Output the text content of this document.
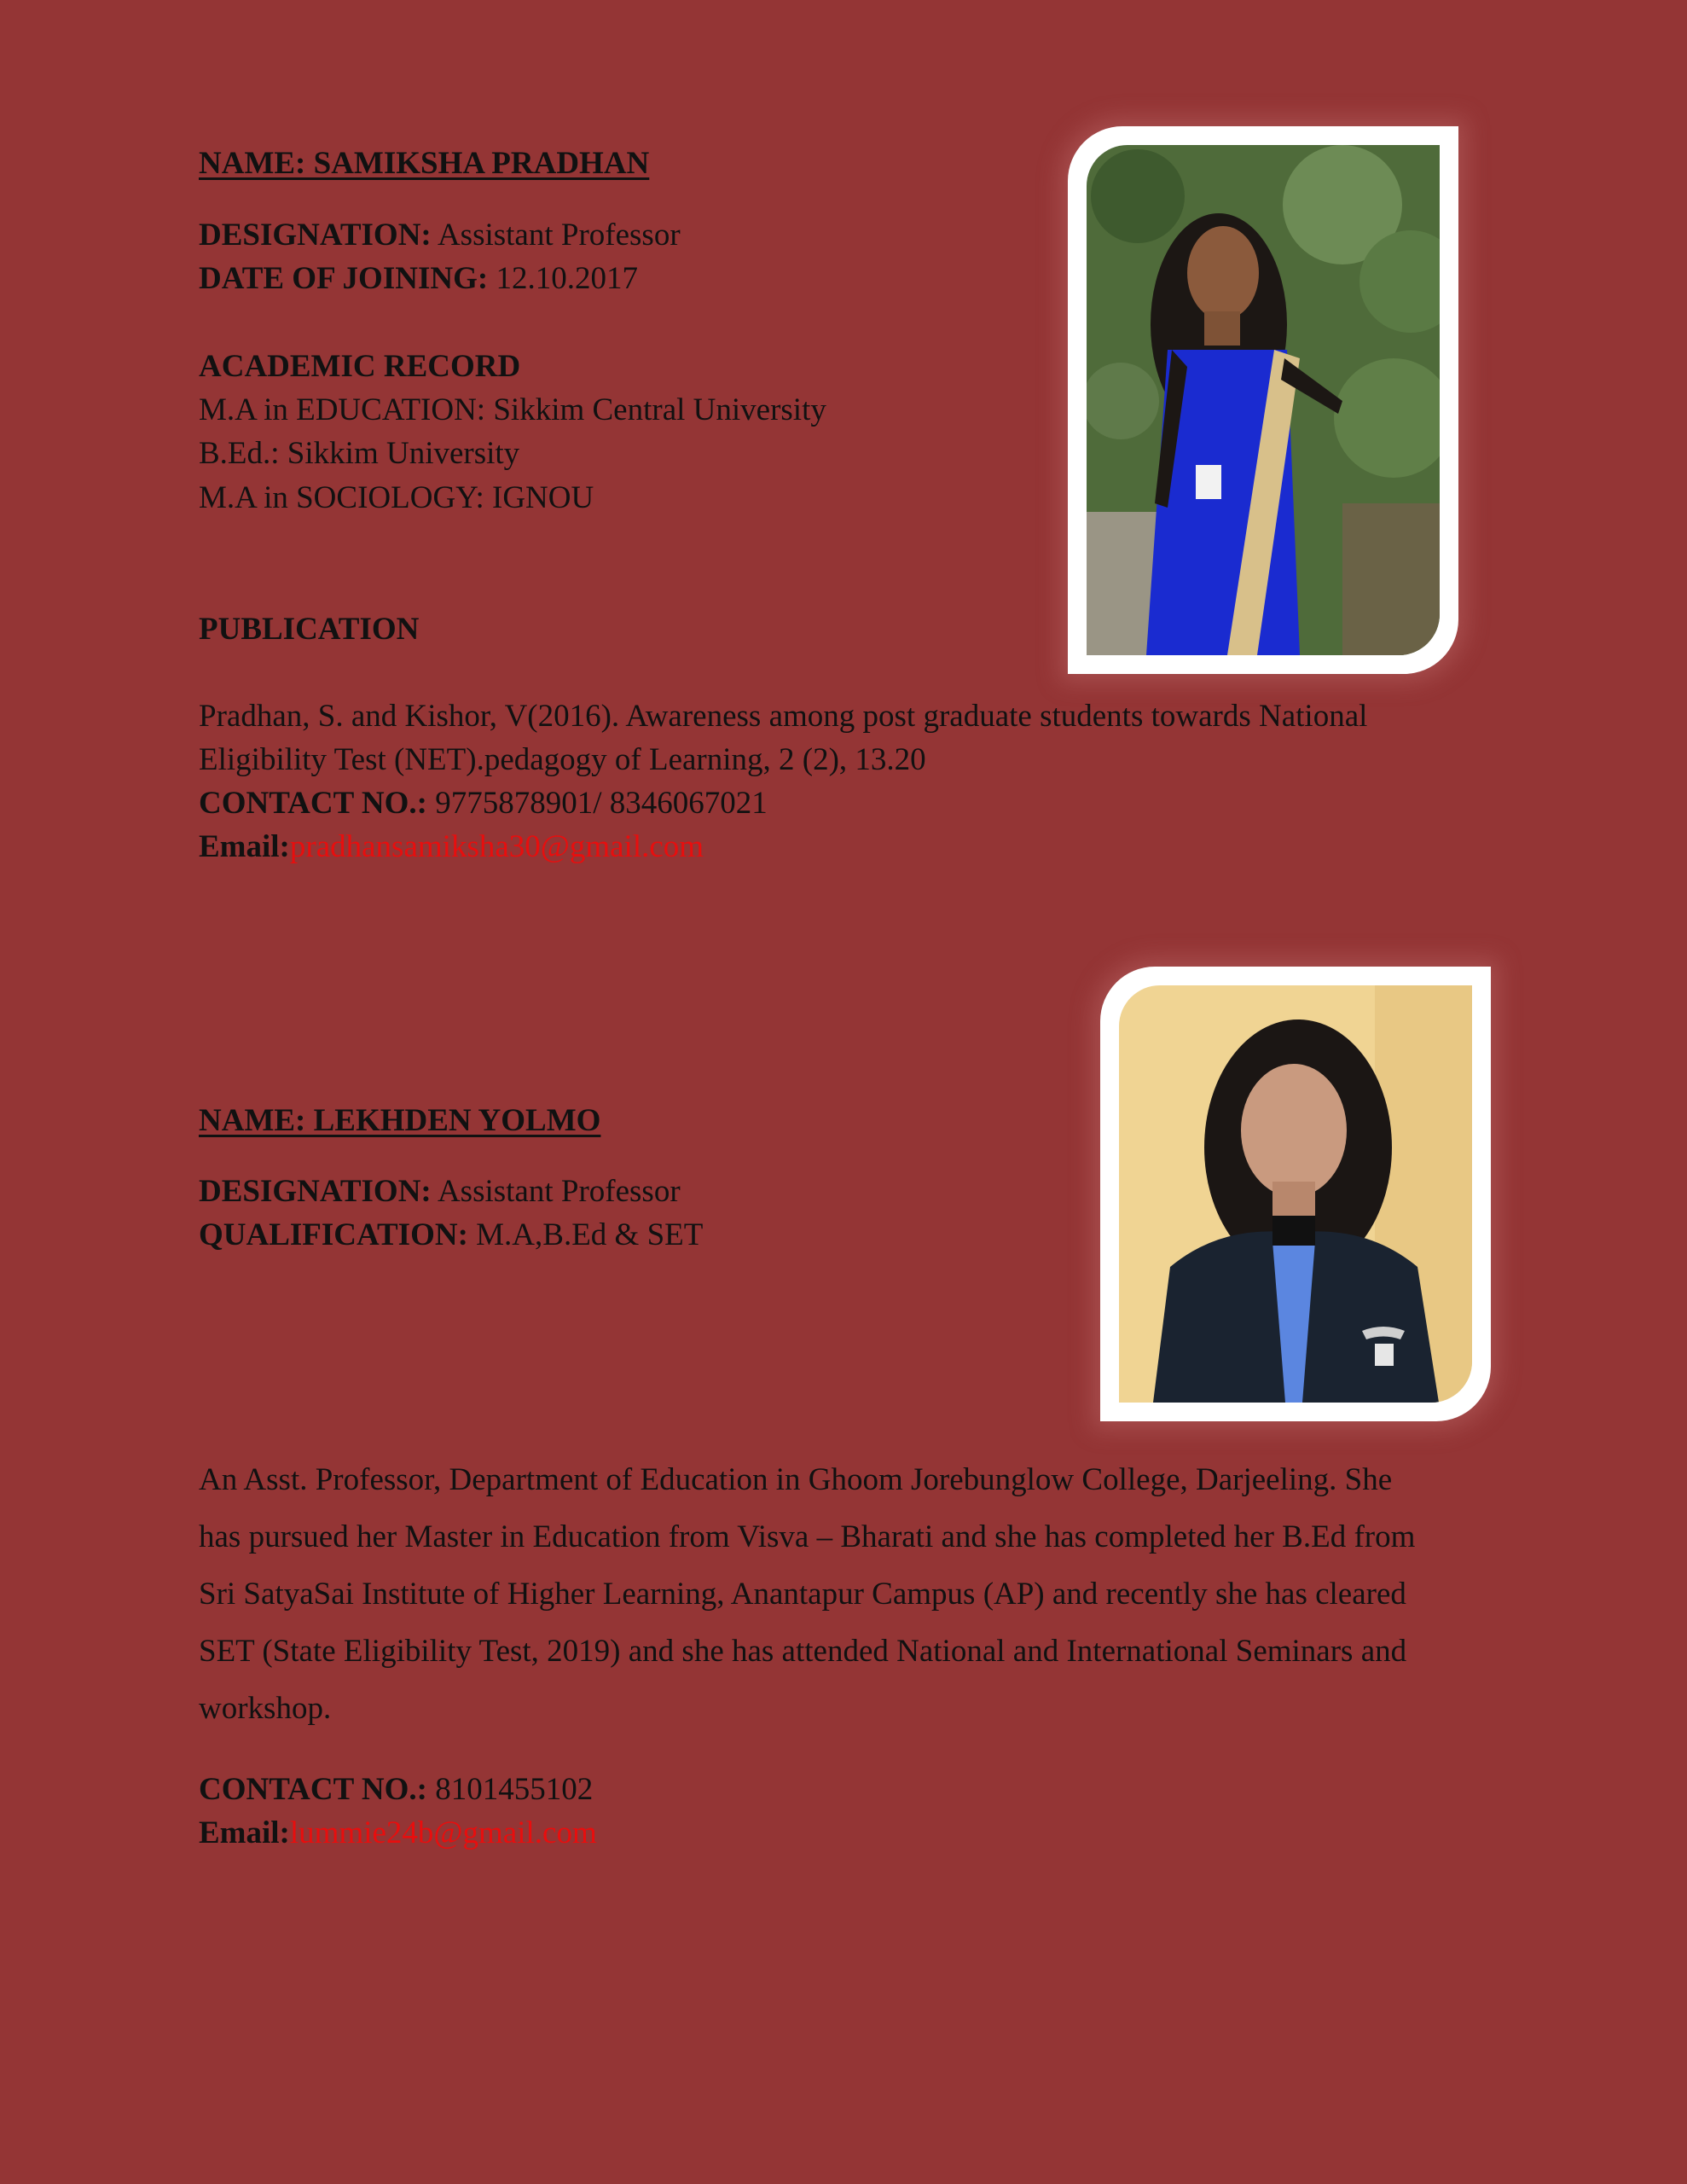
NAME: SAMIKSHA PRADHAN
DESIGNATION: Assistant Professor
DATE OF JOINING: 12.10.2017
ACADEMIC RECORD
M.A in EDUCATION: Sikkim Central University
B.Ed.: Sikkim University
M.A in SOCIOLOGY: IGNOU
PUBLICATION
Pradhan, S. and Kishor, V(2016). Awareness among post graduate students towards National
Eligibility Test (NET).pedagogy of Learning, 2 (2), 13.20
CONTACT NO.: 9775878901/ 8346067021
Email:pradhansamiksha30@gmail.com
NAME: LEKHDEN YOLMO
DESIGNATION: Assistant Professor
QUALIFICATION: M.A,B.Ed & SET
An Asst. Professor, Department of Education in Ghoom Jorebunglow College, Darjeeling. She
has pursued her Master in Education from Visva – Bharati and she has completed her B.Ed from
Sri SatyaSai Institute of Higher Learning, Anantapur Campus (AP) and recently she has cleared
SET (State Eligibility Test, 2019) and she has attended National and International Seminars and
workshop.
CONTACT NO.: 8101455102
Email:lummie24b@gmail.com
